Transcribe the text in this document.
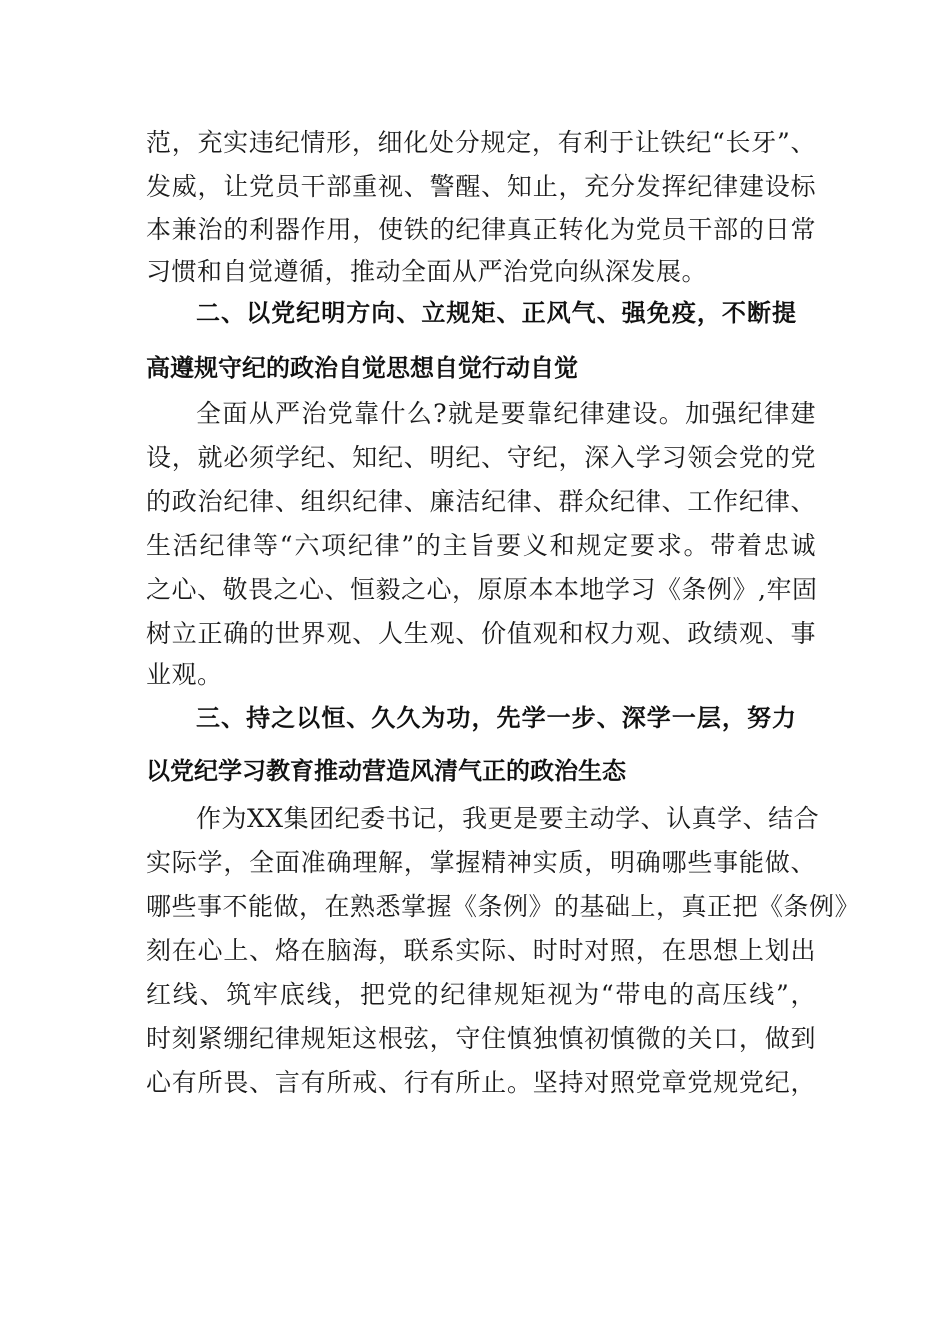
范，充实违纪情形，细化处分规定，有利于让铁纪“长牙”、
发威，让党员干部重视、警醒、知止，充分发挥纪律建设标
本兼治的利器作用，使铁的纪律真正转化为党员干部的日常
习惯和自觉遵循，推动全面从严治党向纵深发展。
二、以党纪明方向、立规矩、正风气、强免疫，不断提
高遵规守纪的政治自觉思想自觉行动自觉
全面从严治党靠什么?就是要靠纪律建设。加强纪律建
设，就必须学纪、知纪、明纪、守纪，深入学习领会党的党
的政治纪律、组织纪律、廉洁纪律、群众纪律、工作纪律、
生活纪律等“六项纪律”的主旨要义和规定要求。带着忠诚
之心、敬畏之心、恒毅之心，原原本本地学习《条例》,牢固
树立正确的世界观、人生观、价值观和权力观、政绩观、事
业观。
三、持之以恒、久久为功，先学一步、深学一层，努力
以党纪学习教育推动营造风清气正的政治生态
作为XX集团纪委书记，我更是要主动学、认真学、结合
实际学，全面准确理解，掌握精神实质，明确哪些事能做、
哪些事不能做，在熟悉掌握《条例》的基础上，真正把《条例》
刻在心上、烙在脑海，联系实际、时时对照，在思想上划出
红线、筑牢底线，把党的纪律规矩视为“带电的高压线”，
时刻紧绷纪律规矩这根弦，守住慎独慎初慎微的关口，做到
心有所畏、言有所戒、行有所止。坚持对照党章党规党纪，
